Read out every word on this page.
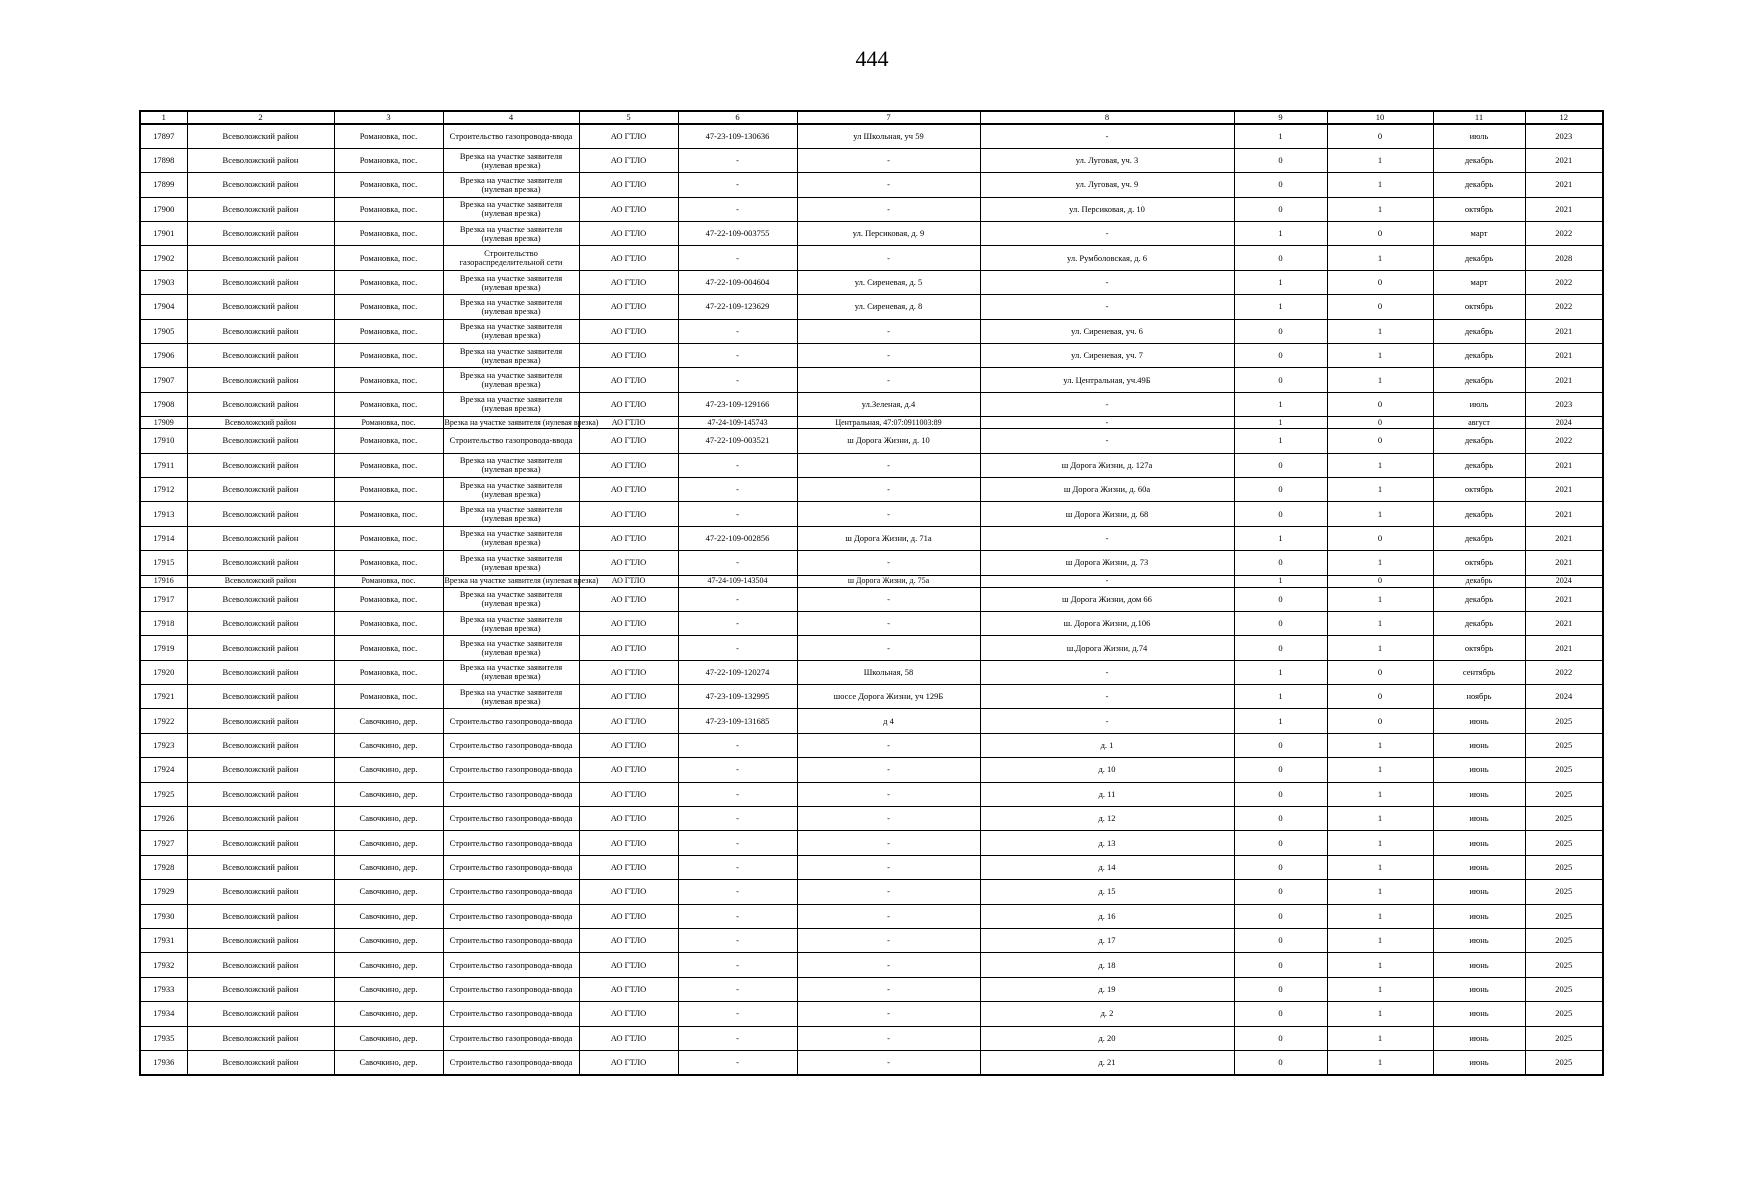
444
1	2	3	4	5	6	7	8	9	10	11	12
17897	Всеволожский район	Романовка, пос.	Строительство газопровода-ввода	АО ГТЛО	47-23-109-130636	ул Школьная, уч 59	-	1	0	июль	2023
17898	Всеволожский район	Романовка, пос.	Врезка на участке заявителя (нулевая врезка)	АО ГТЛО	-	-	ул. Луговая, уч. 3	0	1	декабрь	2021
17899	Всеволожский район	Романовка, пос.	Врезка на участке заявителя (нулевая врезка)	АО ГТЛО	-	-	ул. Луговая, уч. 9	0	1	декабрь	2021
17900	Всеволожский район	Романовка, пос.	Врезка на участке заявителя (нулевая врезка)	АО ГТЛО	-	-	ул. Персиковая, д. 10	0	1	октябрь	2021
17901	Всеволожский район	Романовка, пос.	Врезка на участке заявителя (нулевая врезка)	АО ГТЛО	47-22-109-003755	ул. Персиковая, д. 9	-	1	0	март	2022
17902	Всеволожский район	Романовка, пос.	Строительство газораспределительной сети	АО ГТЛО	-	-	ул. Румболовская, д. 6	0	1	декабрь	2028
17903	Всеволожский район	Романовка, пос.	Врезка на участке заявителя (нулевая врезка)	АО ГТЛО	47-22-109-004604	ул. Сиреневая, д. 5	-	1	0	март	2022
17904	Всеволожский район	Романовка, пос.	Врезка на участке заявителя (нулевая врезка)	АО ГТЛО	47-22-109-123629	ул. Сиреневая, д. 8	-	1	0	октябрь	2022
17905	Всеволожский район	Романовка, пос.	Врезка на участке заявителя (нулевая врезка)	АО ГТЛО	-	-	ул. Сиреневая, уч. 6	0	1	декабрь	2021
17906	Всеволожский район	Романовка, пос.	Врезка на участке заявителя (нулевая врезка)	АО ГТЛО	-	-	ул. Сиреневая, уч. 7	0	1	декабрь	2021
17907	Всеволожский район	Романовка, пос.	Врезка на участке заявителя (нулевая врезка)	АО ГТЛО	-	-	ул. Центральная, уч.49Б	0	1	декабрь	2021
17908	Всеволожский район	Романовка, пос.	Врезка на участке заявителя (нулевая врезка)	АО ГТЛО	47-23-109-129166	ул.Зеленая, д.4	-	1	0	июль	2023
17909	Всеволожский район	Романовка, пос.	Врезка на участке заявителя (нулевая врезка)	АО ГТЛО	47-24-109-145743	Центральная, 47:07:0911003:89	-	1	0	август	2024
17910	Всеволожский район	Романовка, пос.	Строительство газопровода-ввода	АО ГТЛО	47-22-109-003521	ш Дорога Жизни, д. 10	-	1	0	декабрь	2022
17911	Всеволожский район	Романовка, пос.	Врезка на участке заявителя (нулевая врезка)	АО ГТЛО	-	-	ш Дорога Жизни, д. 127а	0	1	декабрь	2021
17912	Всеволожский район	Романовка, пос.	Врезка на участке заявителя (нулевая врезка)	АО ГТЛО	-	-	ш Дорога Жизни, д. 60а	0	1	октябрь	2021
17913	Всеволожский район	Романовка, пос.	Врезка на участке заявителя (нулевая врезка)	АО ГТЛО	-	-	ш Дорога Жизни, д. 68	0	1	декабрь	2021
17914	Всеволожский район	Романовка, пос.	Врезка на участке заявителя (нулевая врезка)	АО ГТЛО	47-22-109-002856	ш Дорога Жизни, д. 71а	-	1	0	декабрь	2021
17915	Всеволожский район	Романовка, пос.	Врезка на участке заявителя (нулевая врезка)	АО ГТЛО	-	-	ш Дорога Жизни, д. 73	0	1	октябрь	2021
17916	Всеволожский район	Романовка, пос.	Врезка на участке заявителя (нулевая врезка)	АО ГТЛО	47-24-109-143504	ш Дорога Жизни, д. 75а	-	1	0	декабрь	2024
17917	Всеволожский район	Романовка, пос.	Врезка на участке заявителя (нулевая врезка)	АО ГТЛО	-	-	ш Дорога Жизни, дом 66	0	1	декабрь	2021
17918	Всеволожский район	Романовка, пос.	Врезка на участке заявителя (нулевая врезка)	АО ГТЛО	-	-	ш. Дорога Жизни, д.106	0	1	декабрь	2021
17919	Всеволожский район	Романовка, пос.	Врезка на участке заявителя (нулевая врезка)	АО ГТЛО	-	-	ш.Дорога Жизни, д.74	0	1	октябрь	2021
17920	Всеволожский район	Романовка, пос.	Врезка на участке заявителя (нулевая врезка)	АО ГТЛО	47-22-109-120274	Школьная, 58	-	1	0	сентябрь	2022
17921	Всеволожский район	Романовка, пос.	Врезка на участке заявителя (нулевая врезка)	АО ГТЛО	47-23-109-132995	шоссе Дорога Жизни, уч 129Б	-	1	0	ноябрь	2024
17922	Всеволожский район	Савочкино, дер.	Строительство газопровода-ввода	АО ГТЛО	47-23-109-131685	д 4	-	1	0	июнь	2025
17923	Всеволожский район	Савочкино, дер.	Строительство газопровода-ввода	АО ГТЛО	-	-	д. 1	0	1	июнь	2025
17924	Всеволожский район	Савочкино, дер.	Строительство газопровода-ввода	АО ГТЛО	-	-	д. 10	0	1	июнь	2025
17925	Всеволожский район	Савочкино, дер.	Строительство газопровода-ввода	АО ГТЛО	-	-	д. 11	0	1	июнь	2025
17926	Всеволожский район	Савочкино, дер.	Строительство газопровода-ввода	АО ГТЛО	-	-	д. 12	0	1	июнь	2025
17927	Всеволожский район	Савочкино, дер.	Строительство газопровода-ввода	АО ГТЛО	-	-	д. 13	0	1	июнь	2025
17928	Всеволожский район	Савочкино, дер.	Строительство газопровода-ввода	АО ГТЛО	-	-	д. 14	0	1	июнь	2025
17929	Всеволожский район	Савочкино, дер.	Строительство газопровода-ввода	АО ГТЛО	-	-	д. 15	0	1	июнь	2025
17930	Всеволожский район	Савочкино, дер.	Строительство газопровода-ввода	АО ГТЛО	-	-	д. 16	0	1	июнь	2025
17931	Всеволожский район	Савочкино, дер.	Строительство газопровода-ввода	АО ГТЛО	-	-	д. 17	0	1	июнь	2025
17932	Всеволожский район	Савочкино, дер.	Строительство газопровода-ввода	АО ГТЛО	-	-	д. 18	0	1	июнь	2025
17933	Всеволожский район	Савочкино, дер.	Строительство газопровода-ввода	АО ГТЛО	-	-	д. 19	0	1	июнь	2025
17934	Всеволожский район	Савочкино, дер.	Строительство газопровода-ввода	АО ГТЛО	-	-	д. 2	0	1	июнь	2025
17935	Всеволожский район	Савочкино, дер.	Строительство газопровода-ввода	АО ГТЛО	-	-	д. 20	0	1	июнь	2025
17936	Всеволожский район	Савочкино, дер.	Строительство газопровода-ввода	АО ГТЛО	-	-	д. 21	0	1	июнь	2025
